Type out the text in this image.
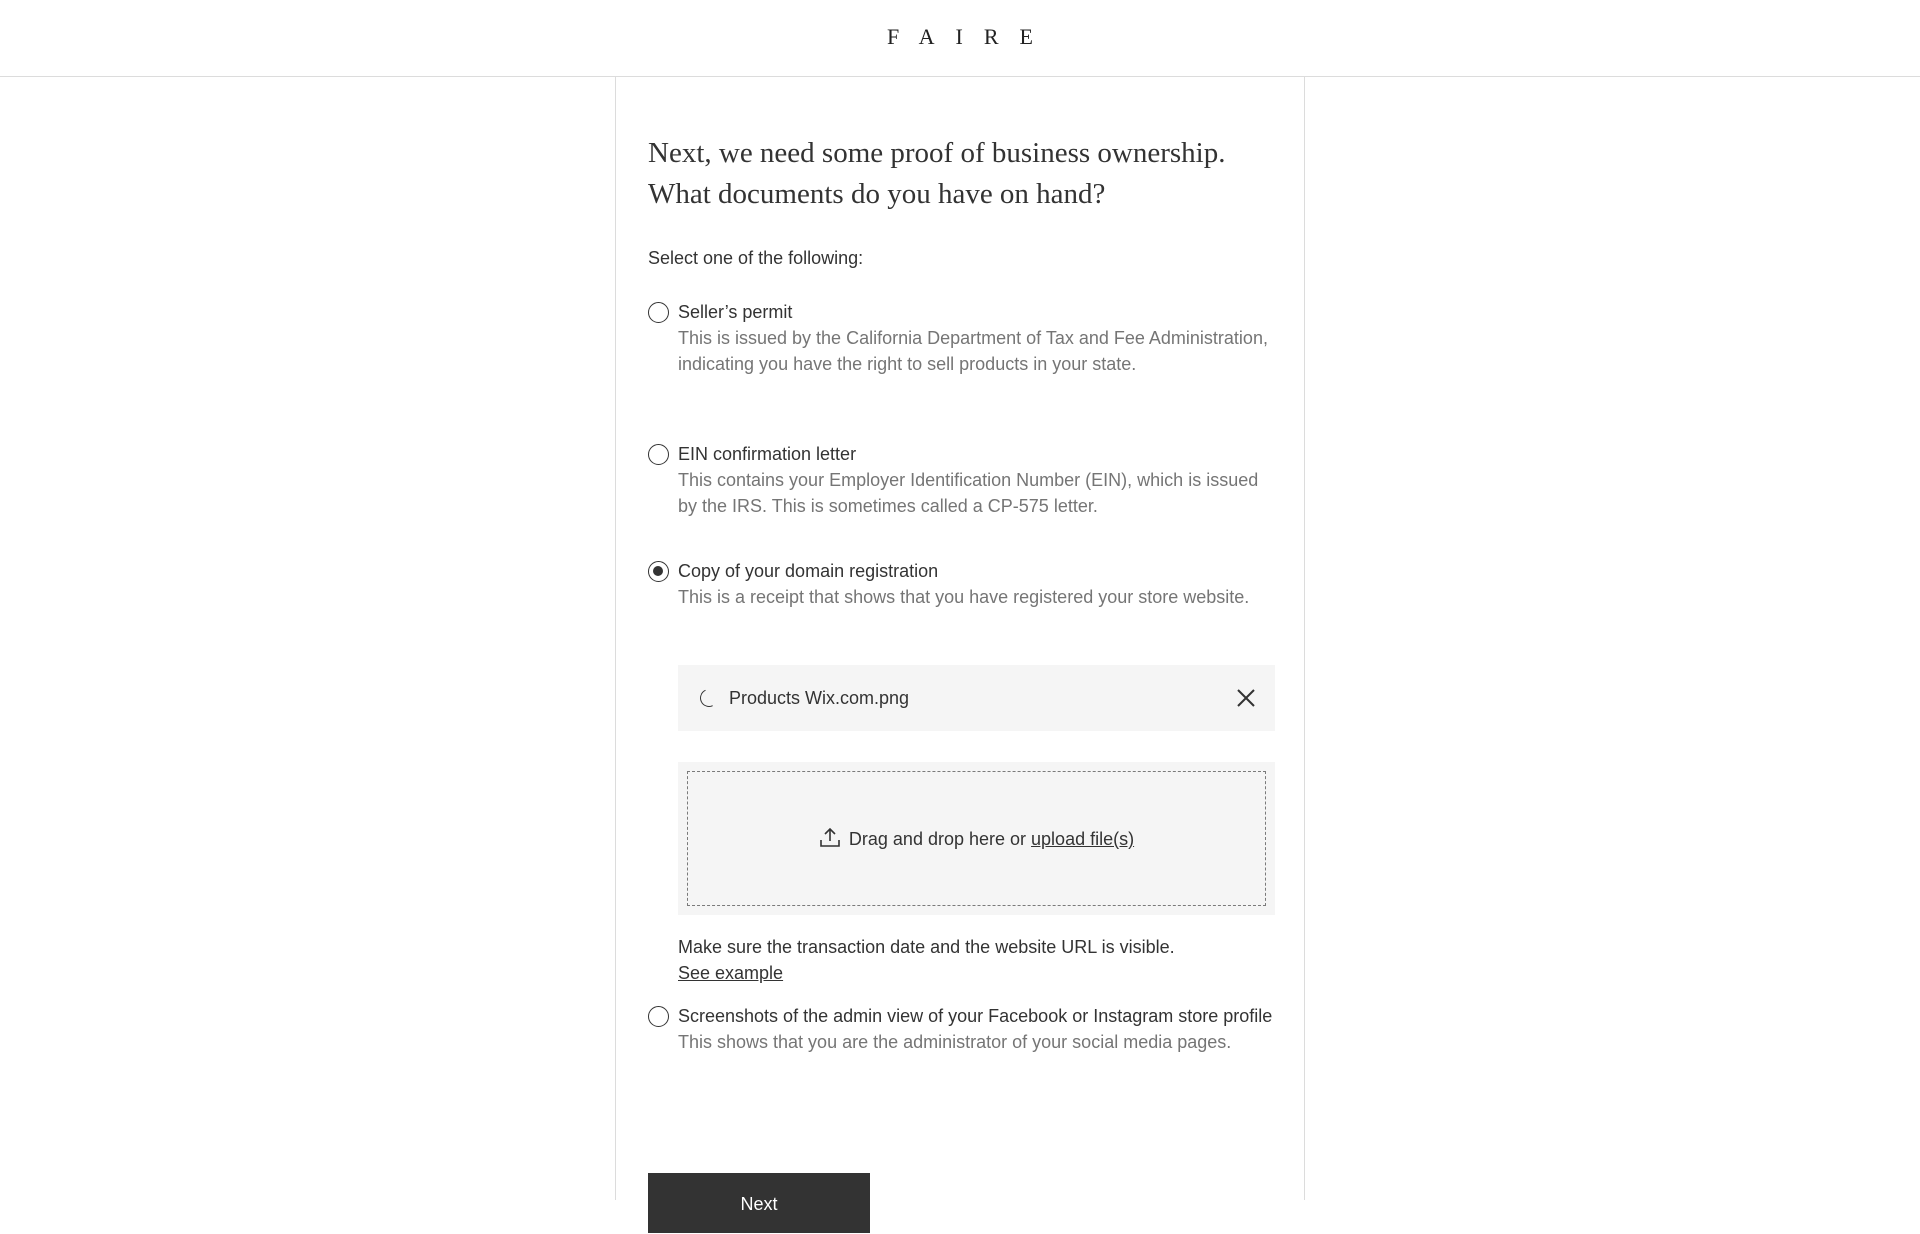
FAIRE
Next, we need some proof of business ownership.
What documents do you have on hand?
Select one of the following:
Seller’s permit
This is issued by the California Department of Tax and Fee Administration, indicating you have the right to sell products in your state.
EIN confirmation letter
This contains your Employer Identification Number (EIN), which is issued by the IRS. This is sometimes called a CP-575 letter.
Copy of your domain registration
This is a receipt that shows that you have registered your store website.
Products Wix.com.png
Drag and drop here or upload file(s)
Make sure the transaction date and the website URL is visible.
See example
Screenshots of the admin view of your Facebook or Instagram store profile
This shows that you are the administrator of your social media pages.
Next
